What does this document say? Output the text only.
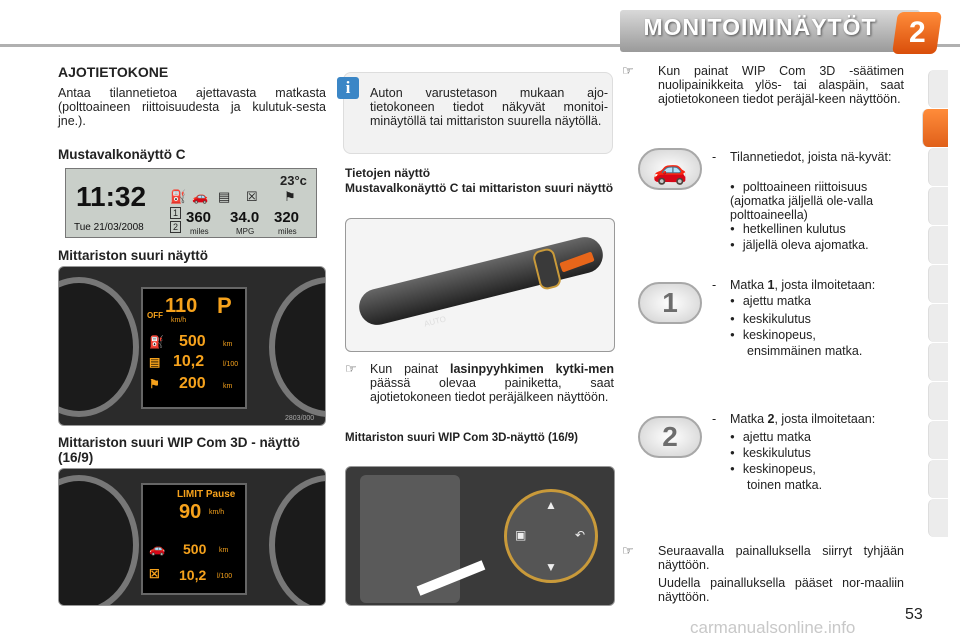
MONITOIMINÄYTÖT 2
AJOTIETOKONE
Antaa tilannetietoa ajettavasta matkasta (polttoaineen riittoisuudesta ja kulutuk-sesta jne.).
Mustavalkonäyttö C
11:32
Tue 21/03/2008
23°c
⛽ 🚗 ▤ ☒ ⚑
1
2
360
miles
34.0
MPG
320
miles
Mittariston suuri näyttö
OFF 110
km/h
P
⛽ 500 km
▤ 10,2	l/100
⚑ 200 km
2803/000
Mittariston suuri WIP Com 3D - näyttö (16/9)
LIMIT Pause
90 km/h
🚗 500 km
☒ 10,2 l/100
i	Auton varustetason mukaan ajo-tietokoneen tiedot näkyvät monitoi-minäytöllä tai mittariston suurella näytöllä.
Tietojen näyttö
Mustavalkonäyttö C tai mittariston suuri näyttö
AUTO
☞ Kun painat lasinpyyhkimen kytki-men päässä olevaa painiketta, saat ajotietokoneen tiedot peräjälkeen näyttöön.
Mittariston suuri WIP Com 3D-näyttö (16/9)
▲
▼
▣	↶
☞ Kun painat WIP Com 3D -säätimen nuolipainikkeita ylös- tai alaspäin, saat ajotietokoneen tiedot peräjäl-keen näyttöön.
🚗	- Tilannetiedot, joista nä-kyvät:
● polttoaineen riittoisuus (ajomatka jäljellä ole-valla polttoaineella)
● hetkellinen kulutus
● jäljellä oleva ajomatka.
1
- Matka 1, josta ilmoitetaan:
● ajettu matka
● keskikulutus
● keskinopeus,
ensimmäinen matka.
2
- Matka 2, josta ilmoitetaan:
● ajettu matka
● keskikulutus
● keskinopeus,
toinen matka.
☞ Seuraavalla painalluksella siirryt tyhjään näyttöön.
Uudella painalluksella pääset nor-maaliin näyttöön.
53
carmanualsonline.info
